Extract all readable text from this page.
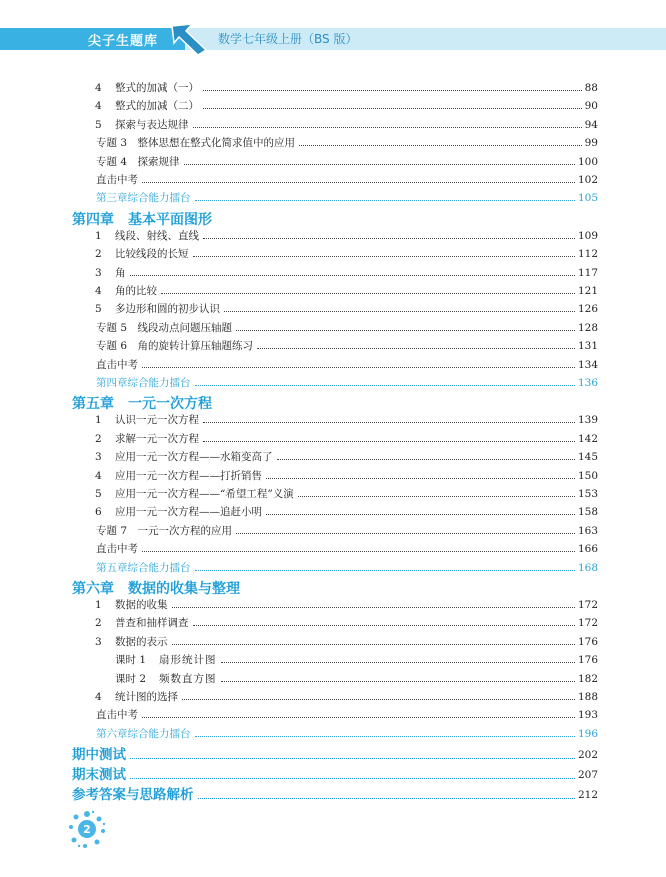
尖子生题库	数学七年级上册（BS 版）
4 整式的加减（一）	88
4 整式的加减（二）	90
5 探索与表达规律	94
专题 3　整体思想在整式化简求值中的应用	99
专题 4　探索规律	100
直击中考	102
第三章综合能力擂台	105
第四章　基本平面图形
1 线段、射线、直线	109
2 比较线段的长短	112
3 角	117
4 角的比较	121
5 多边形和圆的初步认识	126
专题 5　线段动点问题压轴题	128
专题 6　角的旋转计算压轴题练习	131
直击中考	134
第四章综合能力擂台	136
第五章　一元一次方程
1 认识一元一次方程	139
2 求解一元一次方程	142
3 应用一元一次方程——水箱变高了	145
4 应用一元一次方程——打折销售	150
5 应用一元一次方程——“希望工程”义演	153
6 应用一元一次方程——追赶小明	158
专题 7　一元一次方程的应用	163
直击中考	166
第五章综合能力擂台	168
第六章　数据的收集与整理
1 数据的收集	172
2 普查和抽样调查	172
3 数据的表示	176
课时 1 扇形统计图	176
课时 2 频数直方图	182
4 统计图的选择	188
直击中考	193
第六章综合能力擂台	196
期中测试	202
期末测试	207
参考答案与思路解析	212
2
